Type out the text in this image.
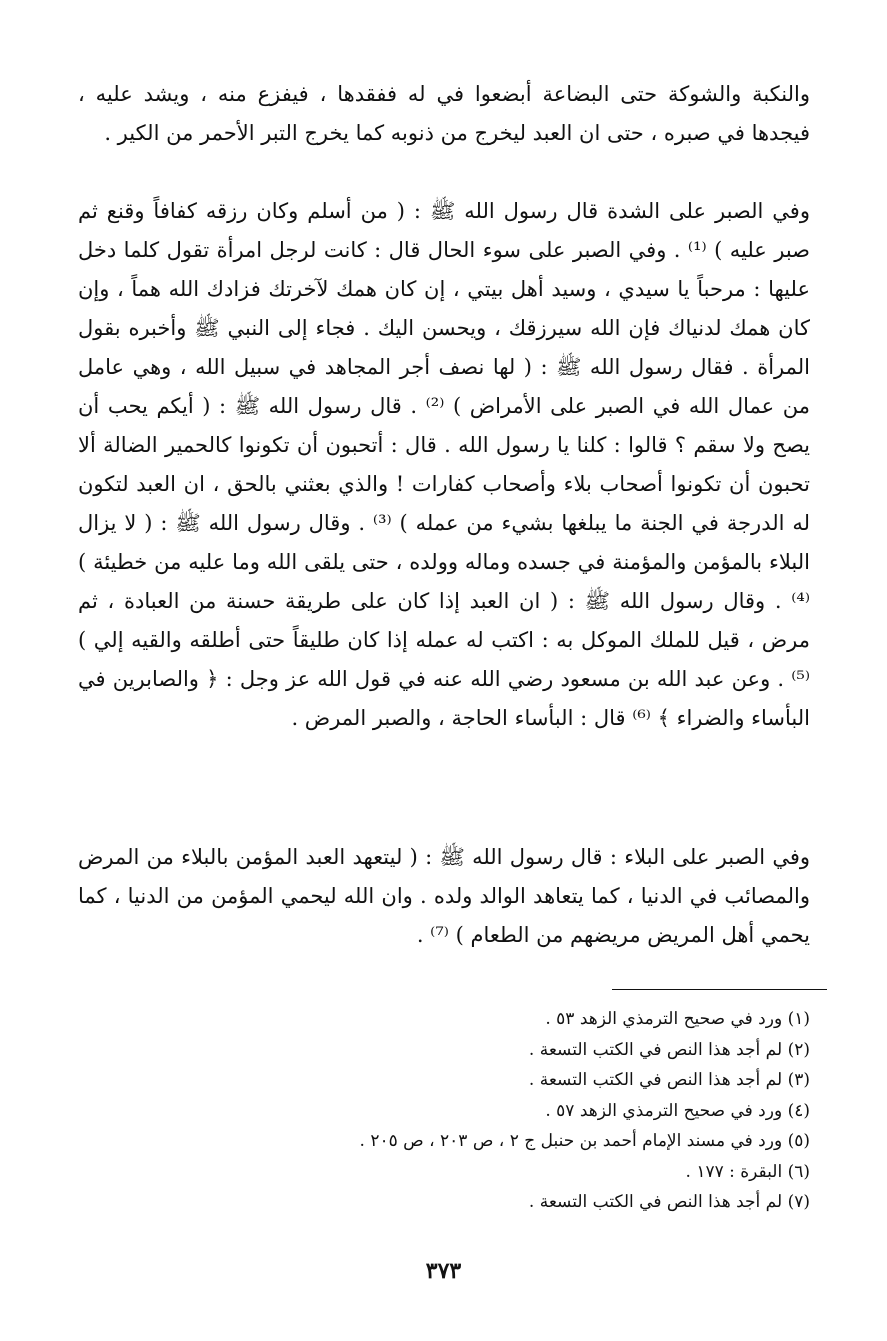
والنكبة والشوكة حتى البضاعة أبضعوا في له ففقدها ، فيفزع منه ، ويشد عليه ، فيجدها في صبره ، حتى ان العبد ليخرج من ذنوبه كما يخرج التبر الأحمر من الكير .

وفي الصبر على الشدة قال رسول الله ﷺ : ( من أسلم وكان رزقه كفافاً وقنع ثم صبر عليه ) ⁽¹⁾ . وفي الصبر على سوء الحال قال : كانت لرجل امرأة تقول كلما دخل عليها : مرحباً يا سيدي ، وسيد أهل بيتي ، إن كان همك لآخرتك فزادك الله هماً ، وإن كان همك لدنياك فإن الله سيرزقك ، ويحسن اليك . فجاء إلى النبي ﷺ وأخبره بقول المرأة . فقال رسول الله ﷺ : ( لها نصف أجر المجاهد في سبيل الله ، وهي عامل من عمال الله في الصبر على الأمراض ) ⁽²⁾ . قال رسول الله ﷺ : ( أيكم يحب أن يصح ولا سقم ؟ قالوا : كلنا يا رسول الله . قال : أتحبون أن تكونوا كالحمير الضالة ألا تحبون أن تكونوا أصحاب بلاء وأصحاب كفارات ! والذي بعثني بالحق ، ان العبد لتكون له الدرجة في الجنة ما يبلغها بشيء من عمله ) ⁽³⁾ . وقال رسول الله ﷺ : ( لا يزال البلاء بالمؤمن والمؤمنة في جسده وماله وولده ، حتى يلقى الله وما عليه من خطيئة ) ⁽⁴⁾ . وقال رسول الله ﷺ : ( ان العبد إذا كان على طريقة حسنة من العبادة ، ثم مرض ، قيل للملك الموكل به : اكتب له عمله إذا كان طليقاً حتى أطلقه والقيه إلي ) ⁽⁵⁾ . وعن عبد الله بن مسعود رضي الله عنه في قول الله عز وجل : ﴿ والصابرين في البأساء والضراء ﴾ ⁽⁶⁾ قال : البأساء الحاجة ، والصبر المرض .

وفي الصبر على البلاء : قال رسول الله ﷺ : ( ليتعهد العبد المؤمن بالبلاء من المرض والمصائب في الدنيا ، كما يتعاهد الوالد ولده . وان الله ليحمي المؤمن من الدنيا ، كما يحمي أهل المريض مريضهم من الطعام ) ⁽⁷⁾ .

(١) ورد في صحيح الترمذي الزهد ٥٣ .
(٢) لم أجد هذا النص في الكتب التسعة .
(٣) لم أجد هذا النص في الكتب التسعة .
(٤) ورد في صحيح الترمذي الزهد ٥٧ .
(٥) ورد في مسند الإمام أحمد بن حنبل ج ٢ ، ص ٢٠٣ ، ص ٢٠٥ .
(٦) البقرة : ١٧٧ .
(٧) لم أجد هذا النص في الكتب التسعة .
٣٧٣
